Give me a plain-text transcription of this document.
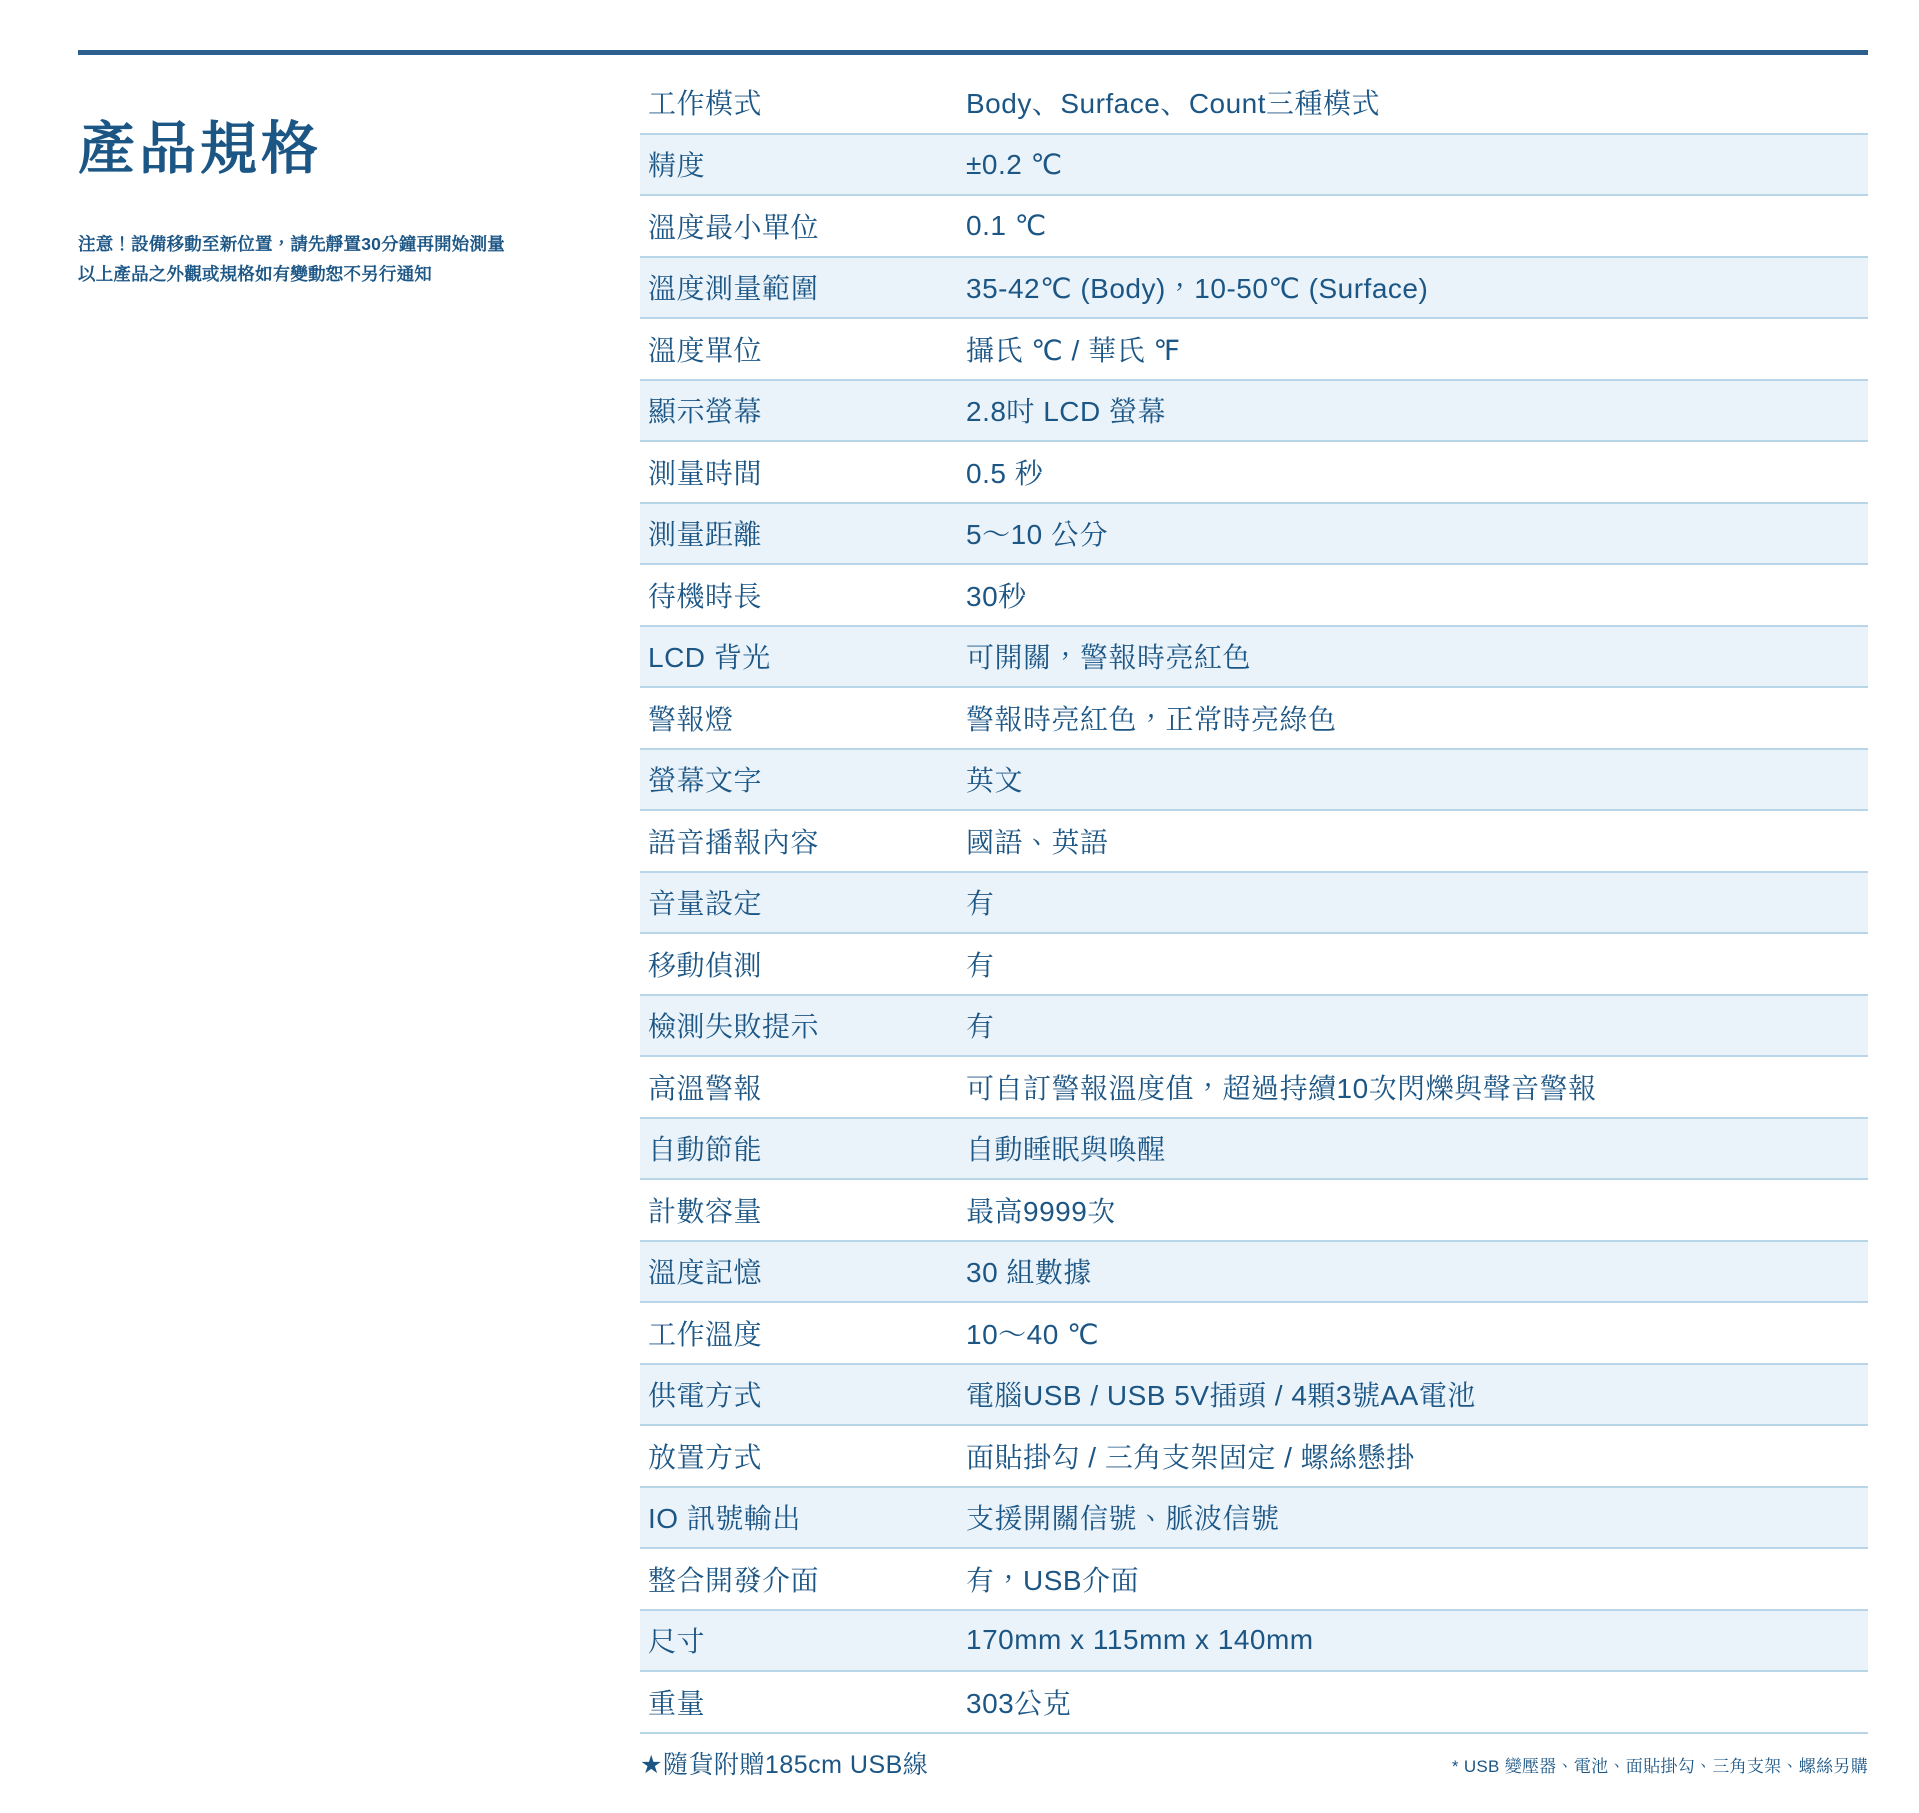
產品規格
注意！設備移動至新位置，請先靜置30分鐘再開始測量
以上產品之外觀或規格如有變動恕不另行通知
工作模式	Body、Surface、Count三種模式
精度	±0.2 ℃
溫度最小單位	0.1 ℃
溫度測量範圍	35-42℃ (Body)，10-50℃ (Surface)
溫度單位	攝氏 ℃ / 華氏 ℉
顯示螢幕	2.8吋 LCD 螢幕
測量時間	0.5 秒
測量距離	5～10 公分
待機時長	30秒
LCD 背光	可開關，警報時亮紅色
警報燈	警報時亮紅色，正常時亮綠色
螢幕文字	英文
語音播報內容	國語、英語
音量設定	有
移動偵測	有
檢測失敗提示	有
高溫警報	可自訂警報溫度值，超過持續10次閃爍與聲音警報
自動節能	自動睡眠與喚醒
計數容量	最高9999次
溫度記憶	30 組數據
工作溫度	10～40 ℃
供電方式	電腦USB / USB 5V插頭 / 4顆3號AA電池
放置方式	面貼掛勾 / 三角支架固定 / 螺絲懸掛
IO 訊號輸出	支援開關信號、脈波信號
整合開發介面	有，USB介面
尺寸	170mm x 115mm x 140mm
重量	303公克
★隨貨附贈185cm USB線	* USB 變壓器、電池、面貼掛勾、三角支架、螺絲另購
